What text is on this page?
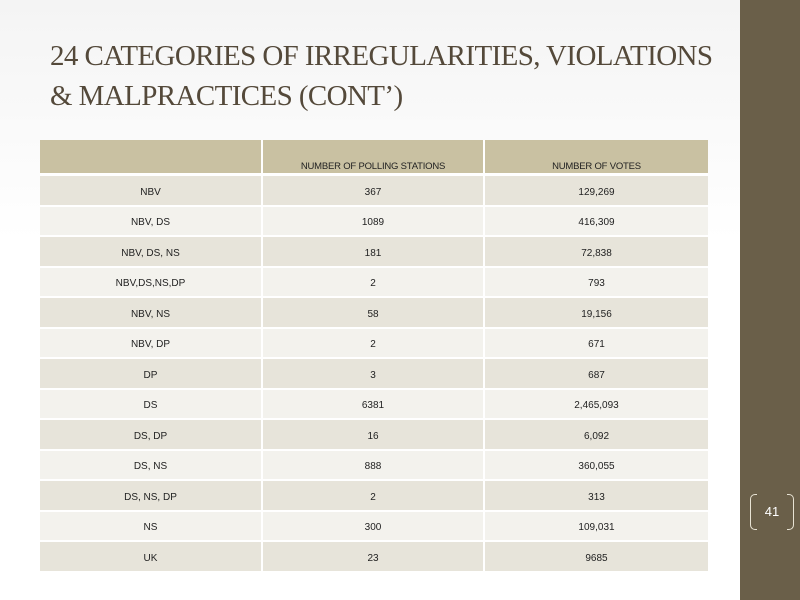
24 CATEGORIES OF IRREGULARITIES, VIOLATIONS
& MALPRACTICES (CONT’)
	NUMBER OF POLLING STATIONS	NUMBER OF VOTES
NBV	367	129,269
NBV, DS	1089	416,309
NBV, DS, NS	181	72,838
NBV,DS,NS,DP	2	793
NBV, NS	58	19,156
NBV, DP	2	671
DP	3	687
DS	6381	2,465,093
DS, DP	16	6,092
DS, NS	888	360,055
DS, NS, DP	2	313
NS	300	109,031
UK	23	9685
41
